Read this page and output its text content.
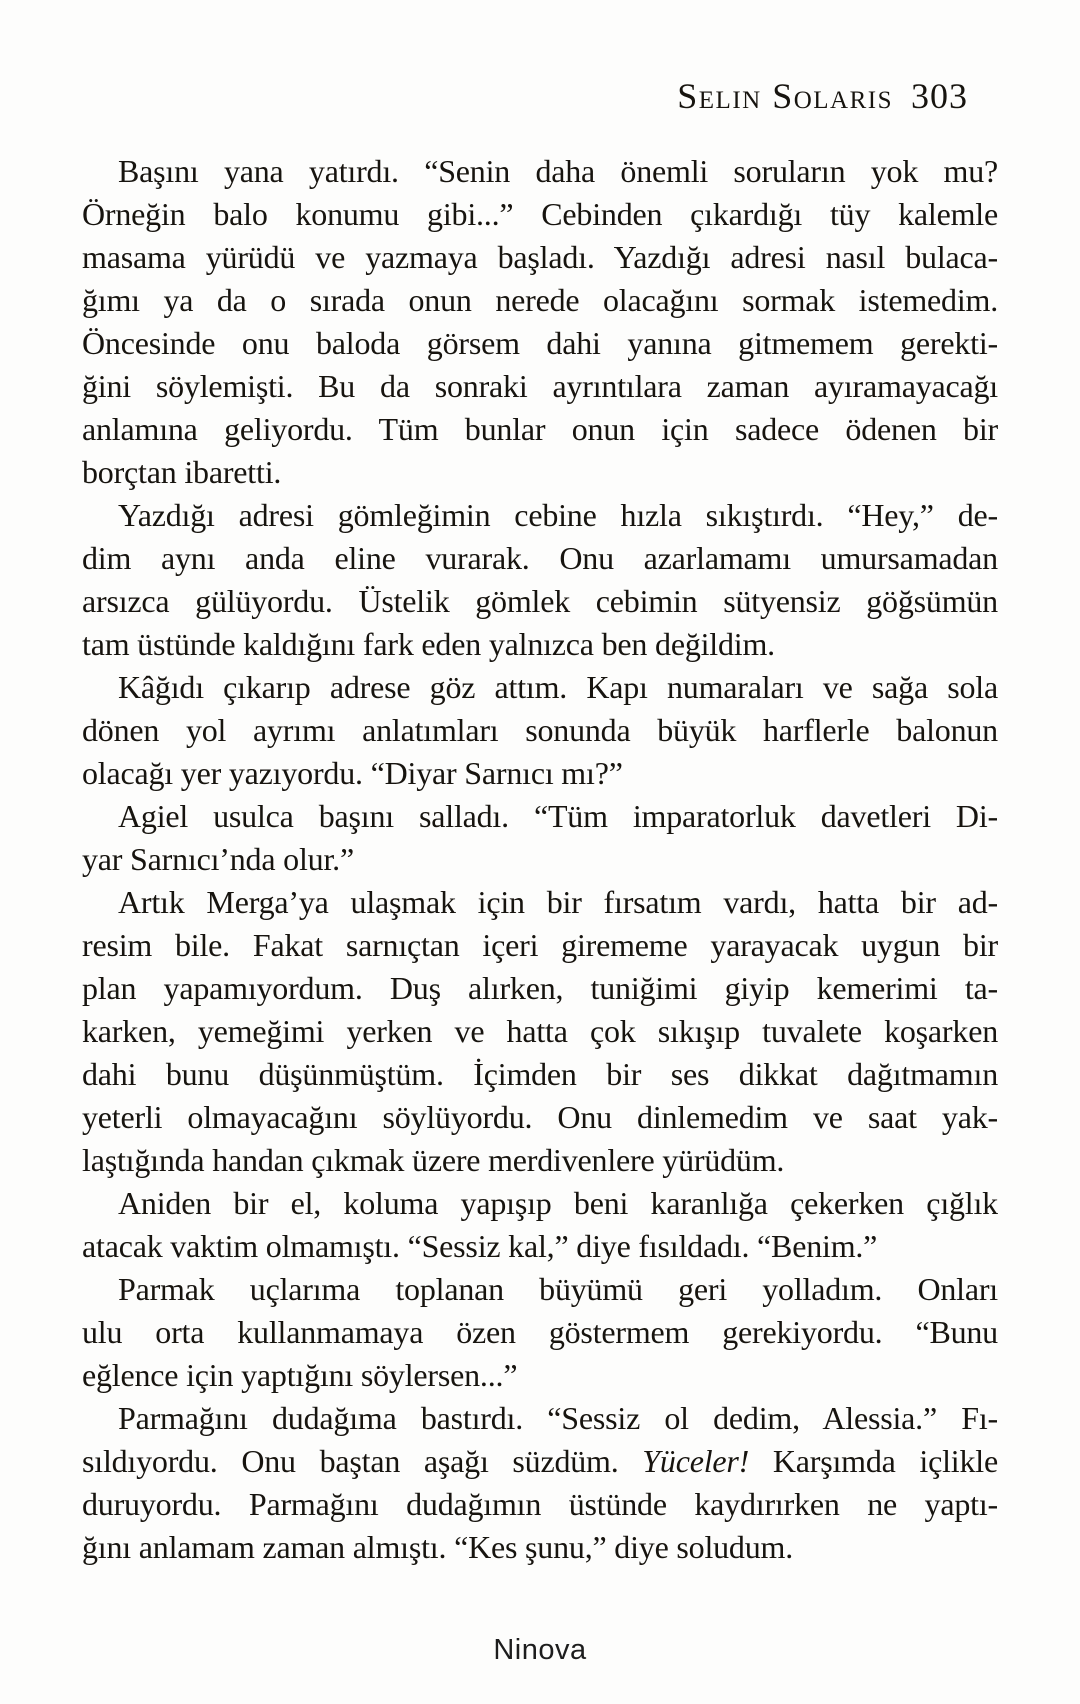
Selin Solaris 303
Başını yana yatırdı. “Senin daha önemli soruların yok mu?
Örneğin balo konumu gibi...” Cebinden çıkardığı tüy kalemle
masama yürüdü ve yazmaya başladı. Yazdığı adresi nasıl bulaca-
ğımı ya da o sırada onun nerede olacağını sormak istemedim.
Öncesinde onu baloda görsem dahi yanına gitmemem gerekti-
ğini söylemişti. Bu da sonraki ayrıntılara zaman ayıramayacağı
anlamına geliyordu. Tüm bunlar onun için sadece ödenen bir
borçtan ibaretti.
Yazdığı adresi gömleğimin cebine hızla sıkıştırdı. “Hey,” de-
dim aynı anda eline vurarak. Onu azarlamamı umursamadan
arsızca gülüyordu. Üstelik gömlek cebimin sütyensiz göğsümün
tam üstünde kaldığını fark eden yalnızca ben değildim.
Kâğıdı çıkarıp adrese göz attım. Kapı numaraları ve sağa sola
dönen yol ayrımı anlatımları sonunda büyük harflerle balonun
olacağı yer yazıyordu. “Diyar Sarnıcı mı?”
Agiel usulca başını salladı. “Tüm imparatorluk davetleri Di-
yar Sarnıcı’nda olur.”
Artık Merga’ya ulaşmak için bir fırsatım vardı, hatta bir ad-
resim bile. Fakat sarnıçtan içeri girememe yarayacak uygun bir
plan yapamıyordum. Duş alırken, tuniğimi giyip kemerimi ta-
karken, yemeğimi yerken ve hatta çok sıkışıp tuvalete koşarken
dahi bunu düşünmüştüm. İçimden bir ses dikkat dağıtmamın
yeterli olmayacağını söylüyordu. Onu dinlemedim ve saat yak-
laştığında handan çıkmak üzere merdivenlere yürüdüm.
Aniden bir el, koluma yapışıp beni karanlığa çekerken çığlık
atacak vaktim olmamıştı. “Sessiz kal,” diye fısıldadı. “Benim.”
Parmak uçlarıma toplanan büyümü geri yolladım. Onları
ulu orta kullanmamaya özen göstermem gerekiyordu. “Bunu
eğlence için yaptığını söylersen...”
Parmağını dudağıma bastırdı. “Sessiz ol dedim, Alessia.” Fı-
sıldıyordu. Onu baştan aşağı süzdüm. Yüceler! Karşımda içlikle
duruyordu. Parmağını dudağımın üstünde kaydırırken ne yaptı-
ğını anlamam zaman almıştı. “Kes şunu,” diye soludum.
Ninova
